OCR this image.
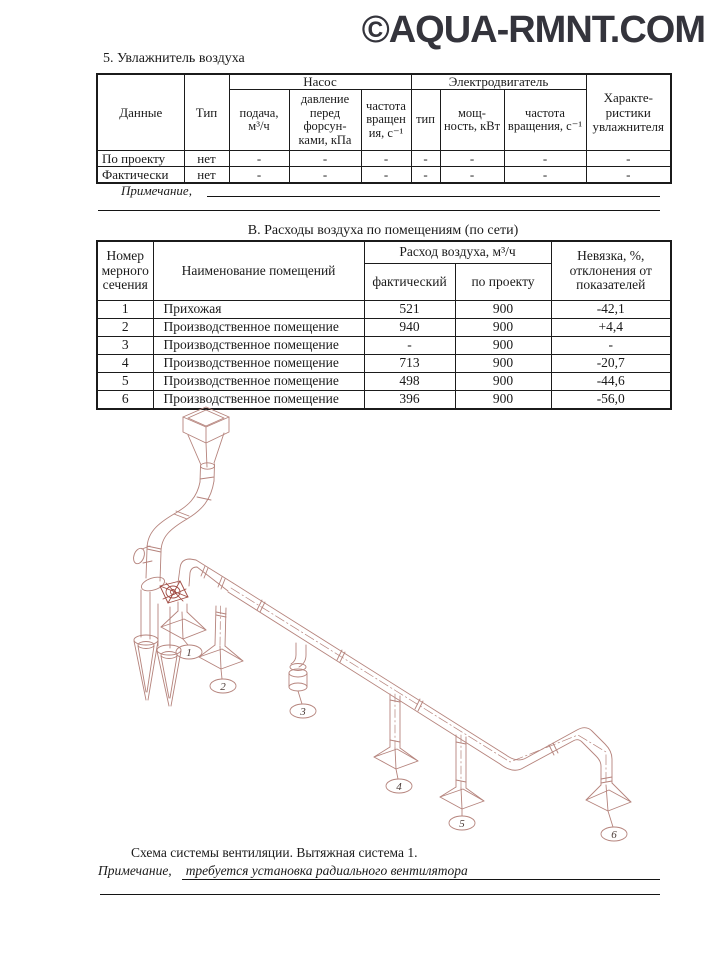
©AQUA-RMNT.COM
5. Увлажнитель воздуха
Данные	Тип	Насос			Электродвигатель			Характе-ристики увлажнителя
		подача, м³/ч	давление перед форсун-ками, кПа	частота вращен ия, с⁻¹	тип	мощ-ность, кВт	частота вращения, с⁻¹	
По проекту	нет	-	-	-	-	-	-	-
Фактически	нет	-	-	-	-	-	-	-
Примечание,
В. Расходы воздуха по помещениям (по сети)
Номер мерного сечения	Наименование помещений	Расход воздуха, м³/ч		Невязка, %, отклонения от показателей
		фактический	по проекту	
1	Прихожая	521	900	-42,1
2	Производственное помещение	940	900	+4,4
3	Производственное помещение	-	900	-
4	Производственное помещение	713	900	-20,7
5	Производственное помещение	498	900	-44,6
6	Производственное помещение	396	900	-56,0
1
2
3
4
5
6
Схема системы вентиляции. Вытяжная система 1.
Примечание, требуется установка радиального вентилятора
